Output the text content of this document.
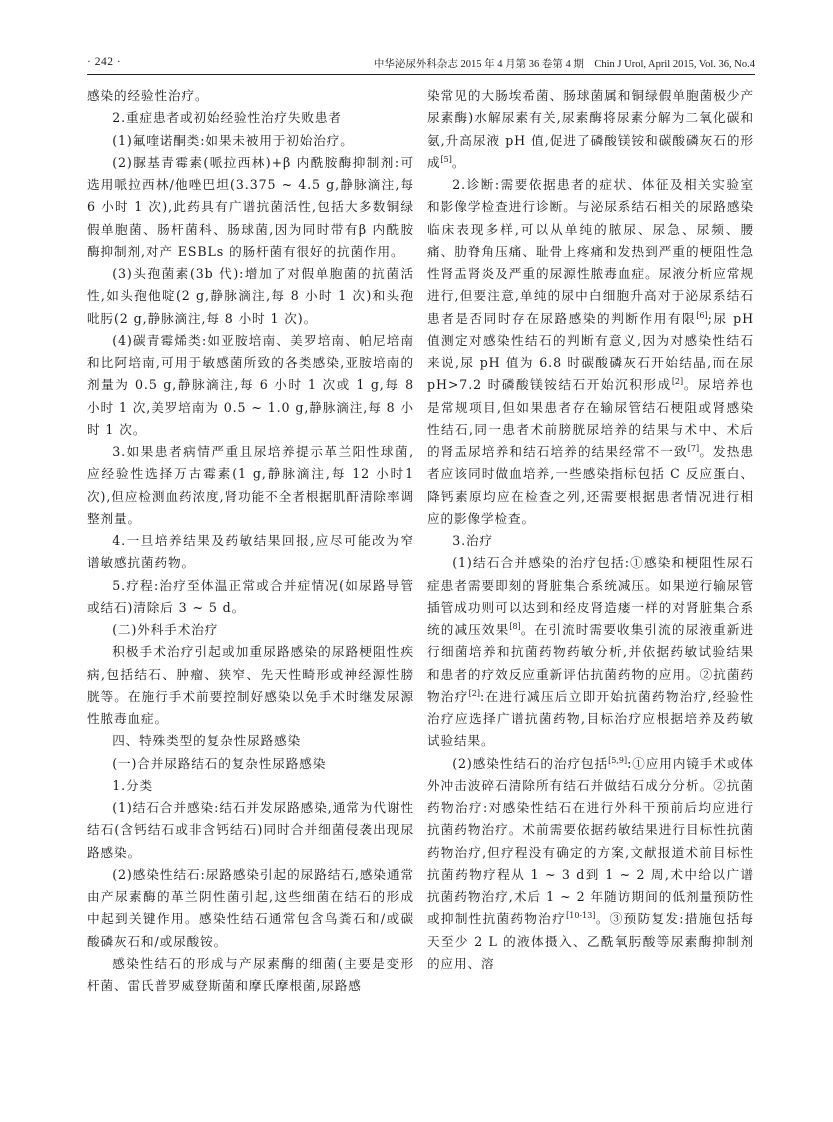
· 242 ·	中华泌尿外科杂志 2015 年 4 月第 36 卷第 4 期　Chin J Urol, April 2015, Vol. 36, No.4

感染的经验性治疗。

2.重症患者或初始经验性治疗失败患者

(1)氟喹诺酮类:如果未被用于初始治疗。

(2)脲基青霉素(哌拉西林)+β 内酰胺酶抑制剂:可选用哌拉西林/他唑巴坦(3.375 ~ 4.5 g,静脉滴注,每 6 小时 1 次),此药具有广谱抗菌活性,包括大多数铜绿假单胞菌、肠杆菌科、肠球菌,因为同时带有β 内酰胺酶抑制剂,对产 ESBLs 的肠杆菌有很好的抗菌作用。

(3)头孢菌素(3b 代):增加了对假单胞菌的抗菌活性,如头孢他啶(2 g,静脉滴注,每 8 小时 1 次)和头孢吡肟(2 g,静脉滴注,每 8 小时 1 次)。

(4)碳青霉烯类:如亚胺培南、美罗培南、帕尼培南和比阿培南,可用于敏感菌所致的各类感染,亚胺培南的剂量为 0.5 g,静脉滴注,每 6 小时 1 次或 1 g,每 8 小时 1 次,美罗培南为 0.5 ~ 1.0 g,静脉滴注,每 8 小时 1 次。

3.如果患者病情严重且尿培养提示革兰阳性球菌,应经验性选择万古霉素(1 g,静脉滴注,每 12 小时1次),但应检测血药浓度,肾功能不全者根据肌酐清除率调整剂量。

4.一旦培养结果及药敏结果回报,应尽可能改为窄谱敏感抗菌药物。

5.疗程:治疗至体温正常或合并症情况(如尿路导管或结石)清除后 3 ~ 5 d。

(二)外科手术治疗

积极手术治疗引起或加重尿路感染的尿路梗阻性疾病,包括结石、肿瘤、狭窄、先天性畸形或神经源性膀胱等。在施行手术前要控制好感染以免手术时继发尿源性脓毒血症。

四、特殊类型的复杂性尿路感染

(一)合并尿路结石的复杂性尿路感染

1.分类

(1)结石合并感染:结石并发尿路感染,通常为代谢性结石(含钙结石或非含钙结石)同时合并细菌侵袭出现尿路感染。

(2)感染性结石:尿路感染引起的尿路结石,感染通常由产尿素酶的革兰阴性菌引起,这些细菌在结石的形成中起到关键作用。感染性结石通常包含鸟粪石和/或碳酸磷灰石和/或尿酸铵。

感染性结石的形成与产尿素酶的细菌(主要是变形杆菌、雷氏普罗威登斯菌和摩氏摩根菌,尿路感

染常见的大肠埃希菌、肠球菌属和铜绿假单胞菌极少产尿素酶)水解尿素有关,尿素酶将尿素分解为二氧化碳和氨,升高尿液 pH 值,促进了磷酸镁铵和碳酸磷灰石的形成[5]。

2.诊断:需要依据患者的症状、体征及相关实验室和影像学检查进行诊断。与泌尿系结石相关的尿路感染临床表现多样,可以从单纯的脓尿、尿急、尿频、腰痛、肋脊角压痛、耻骨上疼痛和发热到严重的梗阻性急性肾盂肾炎及严重的尿源性脓毒血症。尿液分析应常规进行,但要注意,单纯的尿中白细胞升高对于泌尿系结石患者是否同时存在尿路感染的判断作用有限[6];尿 pH 值测定对感染性结石的判断有意义,因为对感染性结石来说,尿 pH 值为 6.8 时碳酸磷灰石开始结晶,而在尿 pH>7.2 时磷酸镁铵结石开始沉积形成[2]。尿培养也是常规项目,但如果患者存在输尿管结石梗阻或肾感染性结石,同一患者术前膀胱尿培养的结果与术中、术后的肾盂尿培养和结石培养的结果经常不一致[7]。发热患者应该同时做血培养,一些感染指标包括 C 反应蛋白、降钙素原均应在检查之列,还需要根据患者情况进行相应的影像学检查。

3.治疗

(1)结石合并感染的治疗包括:①感染和梗阻性尿石症患者需要即刻的肾脏集合系统减压。如果逆行输尿管插管成功则可以达到和经皮肾造瘘一样的对肾脏集合系统的减压效果[8]。在引流时需要收集引流的尿液重新进行细菌培养和抗菌药物药敏分析,并依据药敏试验结果和患者的疗效反应重新评估抗菌药物的应用。②抗菌药物治疗[2]:在进行减压后立即开始抗菌药物治疗,经验性治疗应选择广谱抗菌药物,目标治疗应根据培养及药敏试验结果。

(2)感染性结石的治疗包括[5,9]:①应用内镜手术或体外冲击波碎石清除所有结石并做结石成分分析。②抗菌药物治疗:对感染性结石在进行外科干预前后均应进行抗菌药物治疗。术前需要依据药敏结果进行目标性抗菌药物治疗,但疗程没有确定的方案,文献报道术前目标性抗菌药物疗程从 1 ~ 3 d到 1 ~ 2 周,术中给以广谱抗菌药物治疗,术后 1 ~ 2 年随访期间的低剂量预防性或抑制性抗菌药物治疗[10-13]。③预防复发:措施包括每天至少 2 L 的液体摄入、乙酰氧肟酸等尿素酶抑制剂的应用、溶
